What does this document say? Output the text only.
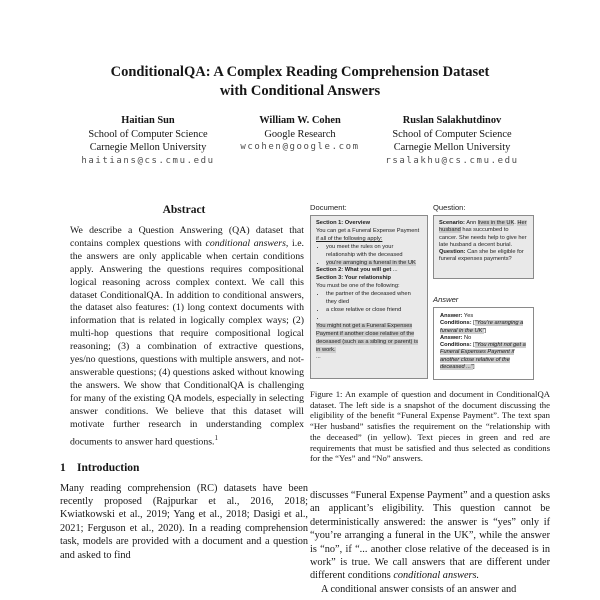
ConditionalQA: A Complex Reading Comprehension Dataset
with Conditional Answers
Haitian Sun
School of Computer Science
Carnegie Mellon University
haitians@cs.cmu.edu
William W. Cohen
Google Research
wcohen@google.com
Ruslan Salakhutdinov
School of Computer Science
Carnegie Mellon University
rsalakhu@cs.cmu.edu
Abstract

We describe a Question Answering (QA) dataset that contains complex questions with conditional answers, i.e. the answers are only applicable when certain conditions apply. Answering the questions requires compositional logical reasoning across complex context. We call this dataset ConditionalQA. In addition to conditional answers, the dataset also features: (1) long context documents with information that is related in logically complex ways; (2) multi-hop questions that require compositional logical reasoning; (3) a combination of extractive questions, yes/no questions, questions with multiple answers, and not-answerable questions; (4) questions asked without knowing the answers. We show that ConditionalQA is challenging for many of the existing QA models, especially in selecting answer conditions. We believe that this dataset will motivate further research in understanding complex documents to answer hard questions.$^1$

1 Introduction

Many reading comprehension (RC) datasets have been recently proposed (Rajpurkar et al., 2016, 2018; Kwiatkowski et al., 2019; Yang et al., 2018; Dasigi et al., 2021; Ferguson et al., 2020). In a reading comprehension task, models are provided with a document and a question and asked to find

Document:

Section 1: Overview

You can get a Funeral Expense Payment if all of the following apply:

• you meet the rules on your relationship with the deceased
• you’re arranging a funeral in the UK

Section 2: What you will get ...

Section 3: Your relationship

You must be one of the following:

• the partner of the deceased when they died
• a close relative or close friend
•

You might not get a Funeral Expenses Payment if another close relative of the deceased (such as a sibling or parent) is in work.

...

Question:

Scenario: Ann lives in the UK. Her husband has succumbed to cancer. She needs help to give her late husband a decent burial.

Question: Can she be eligible for funeral expenses payments?

Answer

Answer: Yes

Conditions: ["You’re arranging a funeral in the UK"]

Answer: No

Conditions: ["You might not get a Funeral Expenses Payment if another close relative of the deceased ..."]

Figure 1: An example of question and document in ConditionalQA dataset. The left side is a snapshot of the document discussing the eligibility of the benefit “Funeral Expense Payment”. The text span “Her husband” satisfies the requirement on the “relationship with the deceased” (in yellow). Text pieces in green and red are requirements that must be satisfied and thus selected as conditions for the “Yes” and “No” answers.

discusses “Funeral Expense Payment” and a question asks an applicant’s eligibility. This question cannot be deterministically answered: the answer is “yes” only if “you’re arranging a funeral in the UK”, while the answer is “no”, if “... another close relative of the deceased is in work” is true. We call answers that are different under different conditions conditional answers.

A conditional answer consists of an answer and
